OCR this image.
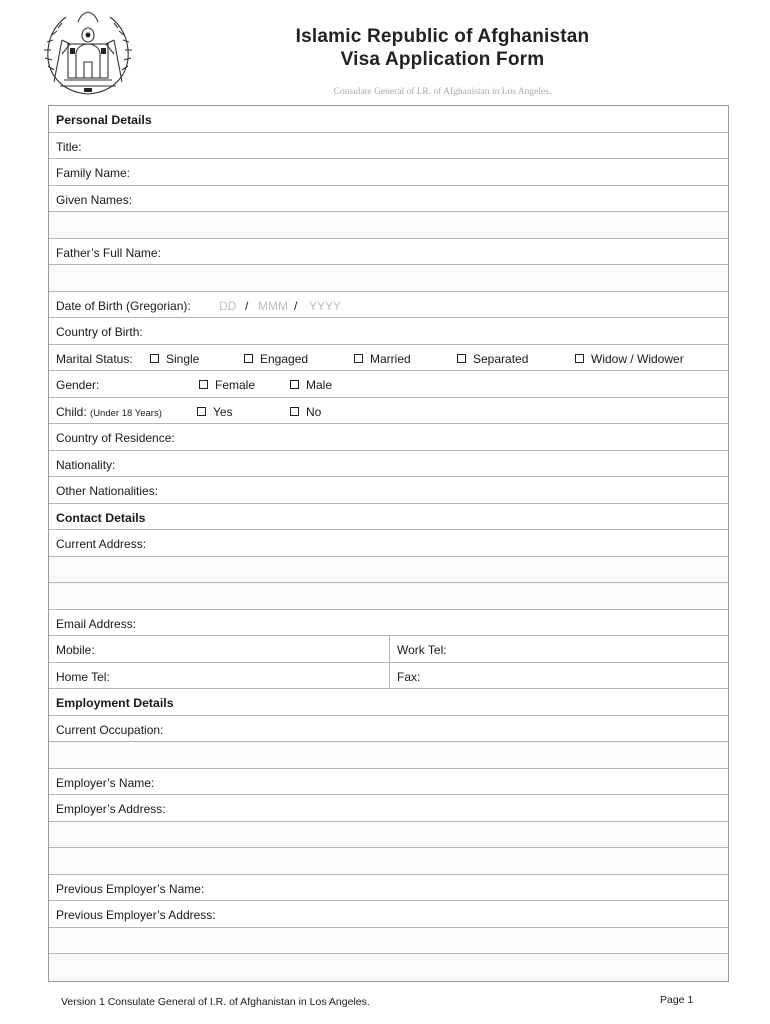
Islamic Republic of Afghanistan
Visa Application Form
Consulate General of I.R. of Afghanistan in Los Angeles.
Personal Details
Title:
Family Name:
Given Names:
Father’s Full Name:
Date of Birth (Gregorian): DD / MMM / YYYY
Country of Birth:
Marital Status:	Single	Engaged	Married	Separated	Widow / Widower
Gender:	Female	Male
Child: (Under 18 Years)	Yes	No
Country of Residence:
Nationality:
Other Nationalities:
Contact Details
Current Address:
Email Address:
Mobile:	Work Tel:
Home Tel:	Fax:
Employment Details
Current Occupation:
Employer’s Name:
Employer’s Address:
Previous Employer’s Name:
Previous Employer’s Address:
Version 1 Consulate General of I.R. of Afghanistan in Los Angeles.	Page 1
